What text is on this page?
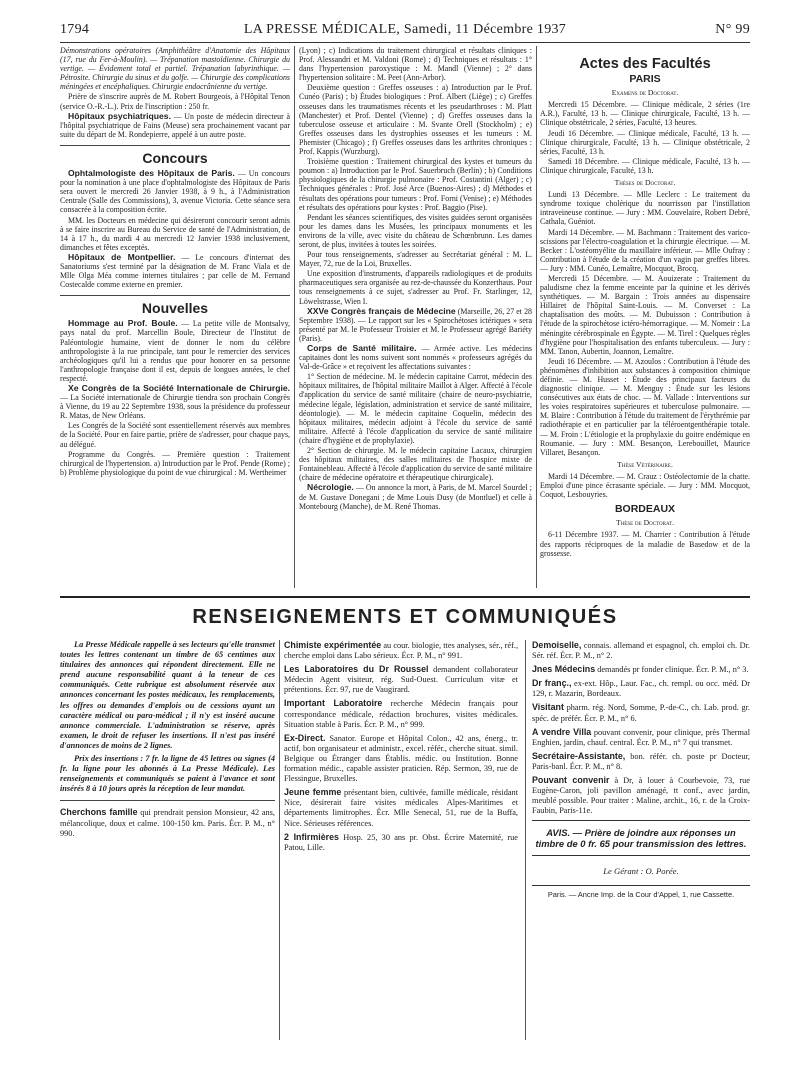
1794	LA PRESSE MÉDICALE, Samedi, 11 Décembre 1937	N° 99

Démonstrations opératoires (Amphithéâtre d'Anatomie des Hôpitaux (17, rue du Fer-à-Moulin). — Trépanation mastoïdienne. Chirurgie du vertige. — Évidement total et partiel. Trépanation labyrinthique. — Pétrosite. Chirurgie du sinus et du golfe. — Chirurgie des complications méningées et encéphaliques. Chirurgie endocrânienne du vertige.

Prière de s'inscrire auprès de M. Robert Bourgeois, à l'Hôpital Tenon (service O.-R.-L.). Prix de l'inscription : 250 fr.

Hôpitaux psychiatriques. — Un poste de médecin directeur à l'hôpital psychiatrique de Fains (Meuse) sera prochainement vacant par suite du départ de M. Rondepierre, appelé à un autre poste.

Concours

Ophtalmologiste des Hôpitaux de Paris. — Un concours pour la nomination à une place d'ophtalmologiste des Hôpitaux de Paris sera ouvert le mercredi 26 Janvier 1938, à 9 h., à l'Administration Centrale (Salle des Commissions), 3, avenue Victoria. Cette séance sera consacrée à la composition écrite.

MM. les Docteurs en médecine qui désireront concourir seront admis à se faire inscrire au Bureau du Service de santé de l'Administration, de 14 à 17 h., du mardi 4 au mercredi 12 Janvier 1938 inclusivement, dimanches et fêtes exceptés.

Hôpitaux de Montpellier. — Le concours d'internat des Sanatoriums s'est terminé par la désignation de M. Franc Viala et de Mlle Olga Méa comme internes titulaires ; par celle de M. Fernand Costecalde comme externe en premier.

Nouvelles

Hommage au Prof. Boule. — La petite ville de Montsalvy, pays natal du prof. Marcellin Boule, Directeur de l'Institut de Paléontologie humaine, vient de donner le nom du célèbre anthropologiste à la rue principale, tant pour le remercier des services archéologiques qu'il lui a rendus que pour honorer en sa personne l'anthropologie française dont il est, depuis de longues années, le chef respecté.

Xe Congrès de la Société Internationale de Chirurgie. — La Société internationale de Chirurgie tiendra son prochain Congrès à Vienne, du 19 au 22 Septembre 1938, sous la présidence du professeur R. Matas, de New Orléans.

Les Congrès de la Société sont essentiellement réservés aux membres de la Société. Pour en faire partie, prière de s'adresser, pour chaque pays, au délégué.

Programme du Congrès. — Première question : Traitement chirurgical de l'hypertension. a) Introduction par le Prof. Pende (Rome) ; b) Problème physiologique du point de vue chirurgical : M. Wertheimer

(Lyon) ; c) Indications du traitement chirurgical et résultats cliniques : Prof. Alessandri et M. Valdoni (Rome) ; d) Techniques et résultats : 1° dans l'hypertension paroxystique : M. Mandl (Vienne) ; 2° dans l'hypertension solitaire : M. Peet (Ann-Arbor).

Deuxième question : Greffes osseuses : a) Introduction par le Prof. Cunéo (Paris) ; b) Études biologiques : Prof. Albert (Liège) ; c) Greffes osseuses dans les traumatismes récents et les pseudarthroses : M. Platt (Manchester) et Prof. Dentel (Vienne) ; d) Greffes osseuses dans la tuberculose osseuse et articulaire : M. Svante Orell (Stockholm) ; e) Greffes osseuses dans les dystrophies osseuses et les tumeurs : M. Phemister (Chicago) ; f) Greffes osseuses dans les arthrites chroniques : Prof. Kappis (Wurzburg).

Troisième question : Traitement chirurgical des kystes et tumeurs du poumon : a) Introduction par le Prof. Sauerbruch (Berlin) ; b) Conditions physiologiques de la chirurgie pulmonaire : Prof. Costantini (Alger) ; c) Techniques générales : Prof. José Arce (Buenos-Aires) ; d) Méthodes et résultats des opérations pour tumeurs : Prof. Forni (Venise) ; e) Méthodes et résultats des opérations pour kystes : Prof. Baggio (Pise).

Pendant les séances scientifiques, des visites guidées seront organisées pour les dames dans les Musées, les principaux monuments et les environs de la ville, avec visite du château de Schœnbrunn. Les dames seront, de plus, invitées à toutes les soirées.

Pour tous renseignements, s'adresser au Secrétariat général : M. L. Mayer, 72, rue de la Loi, Bruxelles.

Une exposition d'instruments, d'appareils radiologiques et de produits pharmaceutiques sera organisée au rez-de-chaussée du Konzerthaus. Pour tous renseignements à ce sujet, s'adresser au Prof. Fr. Starlinger, 12, Löwelstrasse, Wien I.

XXVe Congrès français de Médecine (Marseille, 26, 27 et 28 Septembre 1938). — Le rapport sur les « Spirochétoses ictériques » sera présenté par M. le Professeur Troisier et M. le Professeur agrégé Bariéty (Paris).

Corps de Santé militaire. — Armée active. Les médecins capitaines dont les noms suivent sont nommés « professeurs agrégés du Val-de-Grâce » et reçoivent les affectations suivantes :

1° Section de médecine. M. le médecin capitaine Carrot, médecin des hôpitaux militaires, de l'hôpital militaire Maillot à Alger. Affecté à l'école d'application du service de santé militaire (chaire de neuro-psychiatrie, médecine légale, législation, administration et service de santé militaire, déontologie). — M. le médecin capitaine Coquelin, médecin des hôpitaux militaires, médecin adjoint à l'école du service de santé militaire. Affecté à l'école d'application du service de santé militaire (chaire d'hygiène et de prophylaxie).

2° Section de chirurgie. M. le médecin capitaine Lacaux, chirurgien des hôpitaux militaires, des salles militaires de l'hospice mixte de Fontainebleau. Affecté à l'école d'application du service de santé militaire (chaire de médecine opératoire et thérapeutique chirurgicale).

Nécrologie. — On annonce la mort, à Paris, de M. Marcel Sourdel ; de M. Gustave Donegani ; de Mme Louis Dusy (de Montluel) et celle à Montebourg (Manche), de M. René Thomas.

Actes des Facultés
PARIS
Examens de Doctorat.

Mercredi 15 Décembre. — Clinique médicale, 2 séries (1re A.R.), Faculté, 13 h. — Clinique chirurgicale, Faculté, 13 h. — Clinique obstétricale, 2 séries, Faculté, 13 heures.

Jeudi 16 Décembre. — Clinique médicale, Faculté, 13 h. — Clinique chirurgicale, Faculté, 13 h. — Clinique obstétricale, 2 séries, Faculté, 13 h.

Samedi 18 Décembre. — Clinique médicale, Faculté, 13 h. — Clinique chirurgicale, Faculté, 13 h.

Thèses de Doctorat.

Lundi 13 Décembre. — Mlle Leclerc : Le traitement du syndrome toxique cholérique du nourrisson par l'instillation intraveineuse continue. — Jury : MM. Couvelaire, Robert Debré, Cathala, Guéniot.

Mardi 14 Décembre. — M. Bachmann : Traitement des varico-scissions par l'électro-coagulation et la chirurgie électrique. — M. Becker : L'ostéomyélite du maxillaire inférieur. — Mlle Oufray : Contribution à l'étude de la création d'un vagin par greffes libres. — Jury : MM. Cunéo, Lemaître, Mocquot, Brocq.

Mercredi 15 Décembre. — M. Aouizerate : Traitement du paludisme chez la femme enceinte par la quinine et les dérivés synthétiques. — M. Bargain : Trois années au dispensaire Hillairet de l'hôpital Saint-Louis. — M. Converset : La chaptalisation des moûts. — M. Dubuisson : Contribution à l'étude de la spirochétose ictéro-hémorragique. — M. Nomeir : La méningite cérébrospinale en Égypte. — M. Tirel : Quelques règles d'hygiène pour l'hospitalisation des enfants tuberculeux. — Jury : MM. Tanon, Aubertin, Joannon, Lemaître.

Jeudi 16 Décembre. — M. Azoulos : Contribution à l'étude des phénomènes d'inhibition aux substances à composition chimique définie. — M. Husset : Étude des principaux facteurs du diagnostic clinique. — M. Menguy : Étude sur les lésions consécutives aux états de choc. — M. Vallade : Interventions sur les voies respiratoires supérieures et tuberculose pulmonaire. — M. Blaire : Contribution à l'étude du traitement de l'érythrémie par radiothérapie et en particulier par la téléroentgenthérapie totale. — M. Froin : L'étiologie et la prophylaxie du goitre endémique en Roumanie. — Jury : MM. Besançon, Lerebouillet, Maurice Villaret, Besançon.

Thèse Vétérinaire.

Mardi 14 Décembre. — M. Crauz : Ostéolectomie de la chatte. Emploi d'une pince écrasante spéciale. — Jury : MM. Mocquot, Coquot, Lesbouyries.

BORDEAUX
Thèse de Doctorat.

6-11 Décembre 1937. — M. Charrier : Contribution à l'étude des rapports réciproques de la maladie de Basedow et de la grossesse.

RENSEIGNEMENTS ET COMMUNIQUÉS

La Presse Médicale rappelle à ses lecteurs qu'elle transmet toutes les lettres contenant un timbre de 65 centimes aux titulaires des annonces qui répondent directement. Elle ne prend aucune responsabilité quant à la teneur de ces communiqués. Cette rubrique est absolument réservée aux annonces concernant les postes médicaux, les remplacements, les offres ou demandes d'emplois ou de cessions ayant un caractère médical ou para-médical ; il n'y est inséré aucune annonce commerciale. L'administration se réserve, après examen, le droit de refuser les insertions. Il n'est pas inséré d'annonces de moins de 2 lignes.

Prix des insertions : 7 fr. la ligne de 45 lettres ou signes (4 fr. la ligne pour les abonnés à La Presse Médicale). Les renseignements et communiqués se paient à l'avance et sont insérés 8 à 10 jours après la réception de leur mandat.

Cherchons famille qui prendrait pension Monsieur, 42 ans, mélancolique, doux et calme. 100-150 km. Paris. Écr. P. M., n° 990.

Chimiste expérimentée au cour. biologie, ttes analyses, sér., réf., cherche emploi dans Labo sérieux. Écr. P. M., n° 991.

Les Laboratoires du Dr Roussel demandent collaborateur Médecin Agent visiteur, rég. Sud-Ouest. Curriculum vitæ et prétentions. Écr. 97, rue de Vaugirard.

Important Laboratoire recherche Médecin français pour correspondance médicale, rédaction brochures, visites médicales. Situation stable à Paris. Écr. P. M., n° 999.

Ex-Direct. Sanator. Europe et Hôpital Colon., 42 ans, énerg., tr. actif, bon organisateur et administr., excel. référ., cherche situat. simil. Belgique ou Étranger dans Établis. médic. ou Institution. Bonne formation médic., capable assister praticien. Rép. Sermon, 39, rue de Flessingue, Bruxelles.

Jeune femme présentant bien, cultivée, famille médicale, résidant Nice, désirerait faire visites médicales Alpes-Maritimes et départements limitrophes. Écr. Mlle Senecal, 51, rue de la Buffa, Nice. Sérieuses références.

2 Infirmières Hosp. 25, 30 ans pr. Obst. Écrire Maternité, rue Patou, Lille.

Demoiselle, connais. allemand et espagnol, ch. emploi ch. Dr. Sér. réf. Écr. P. M., n° 2.

Jnes Médecins demandés pr fonder clinique. Écr. P. M., n° 3.

Dr franç., ex-ext. Hôp., Laur. Fac., ch. rempl. ou occ. méd. Dr 129, r. Mazarin, Bordeaux.

Visitant pharm. rég. Nord, Somme, P.-de-C., ch. Lab. prod. gr. spéc. de préfér. Écr. P. M., n° 6.

A vendre Villa pouvant convenir, pour clinique, près Thermal Enghien, jardin, chauf. central. Écr. P. M., n° 7 qui transmet.

Secrétaire-Assistante, bon. référ. ch. poste pr Docteur, Paris-banl. Écr. P. M., n° 8.

Pouvant convenir à Dr, à louer à Courbevoie, 73, rue Eugène-Caron, joli pavillon aménagé, tt conf., avec jardin, meublé possible. Pour traiter : Maline, archit., 16, r. de la Croix-Faubin, Paris-11e.

AVIS. — Prière de joindre aux réponses un timbre de 0 fr. 65 pour transmission des lettres.
Le Gérant : O. Porée.
Paris. — Ancne Imp. de la Cour d'Appel, 1, rue Cassette.
